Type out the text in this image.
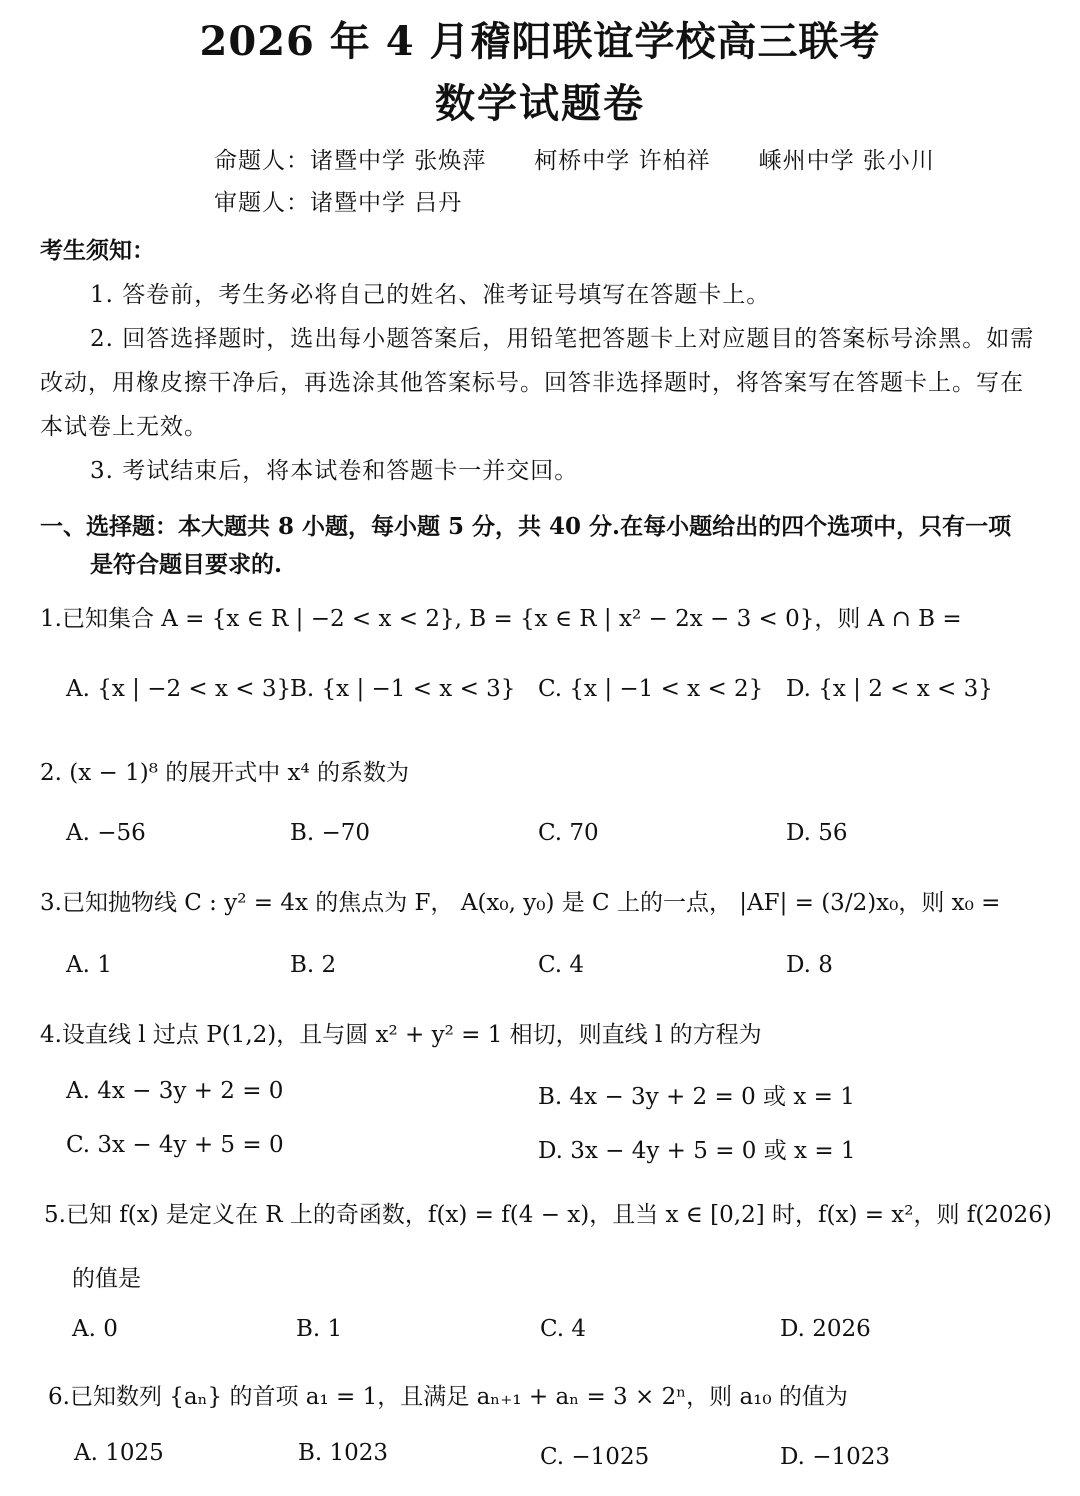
2026 年 4 月稽阳联谊学校高三联考
数学试题卷
命题人：诸暨中学 张焕萍　　柯桥中学 许柏祥　　嵊州中学 张小川
审题人：诸暨中学 吕丹
考生须知：
1. 答卷前，考生务必将自己的姓名、准考证号填写在答题卡上。
2. 回答选择题时，选出每小题答案后，用铅笔把答题卡上对应题目的答案标号涂黑。如需
改动，用橡皮擦干净后，再选涂其他答案标号。回答非选择题时，将答案写在答题卡上。写在
本试卷上无效。
3. 考试结束后，将本试卷和答题卡一并交回。
一、选择题：本大题共 8 小题，每小题 5 分，共 40 分.在每小题给出的四个选项中，只有一项
是符合题目要求的.
1.已知集合 A = {x ∈ R | −2 < x < 2}, B = {x ∈ R | x² − 2x − 3 < 0}，则 A ∩ B =
A. {x | −2 < x < 3}
B. {x | −1 < x < 3} C. {x | −1 < x < 2} D. {x | 2 < x < 3}
2. (x − 1)⁸ 的展开式中 x⁴ 的系数为
A. −56	B. −70	C. 70	D. 56
3.已知抛物线 C : y² = 4x 的焦点为 F， A(x₀, y₀) 是 C 上的一点， |AF| = (3/2)x₀，则 x₀ =
A. 1	B. 2	C. 4	D. 8
4.设直线 l 过点 P(1,2)，且与圆 x² + y² = 1 相切，则直线 l 的方程为
A. 4x − 3y + 2 = 0	B. 4x − 3y + 2 = 0 或 x = 1
C. 3x − 4y + 5 = 0	D. 3x − 4y + 5 = 0 或 x = 1
5.已知 f(x) 是定义在 R 上的奇函数，f(x) = f(4 − x)，且当 x ∈ [0,2] 时，f(x) = x²，则 f(2026)
的值是
A. 0	B. 1	C. 4	D. 2026
6.已知数列 {aₙ} 的首项 a₁ = 1，且满足 aₙ₊₁ + aₙ = 3 × 2ⁿ，则 a₁₀ 的值为
A. 1025	B. 1023	C. −1025	D. −1023
